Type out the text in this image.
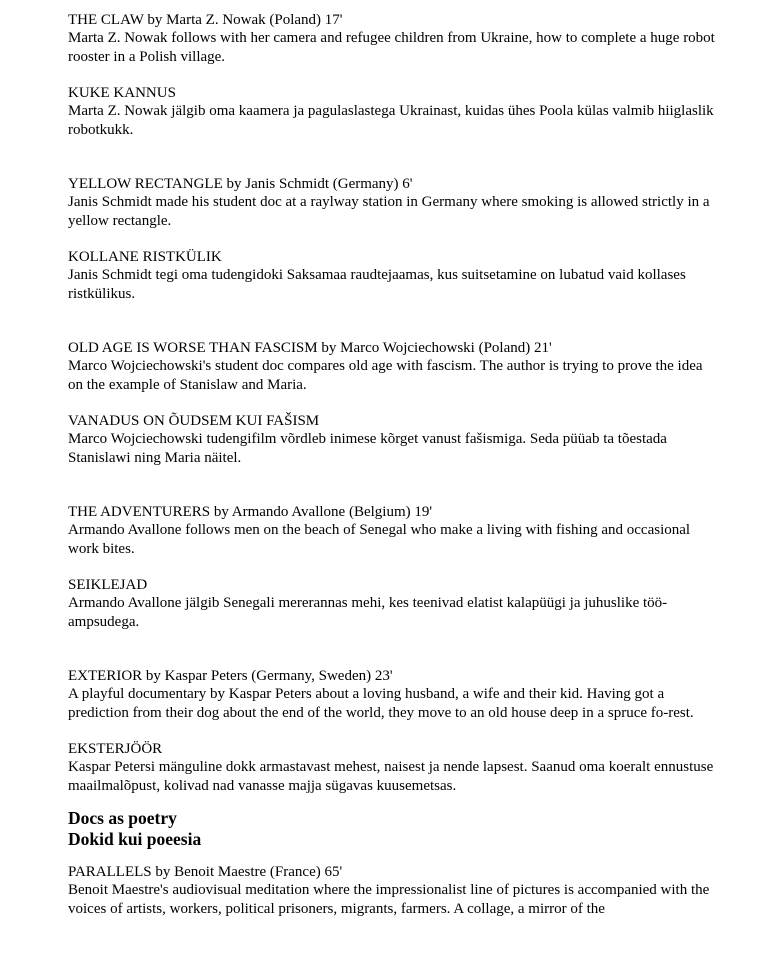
THE CLAW by Marta Z. Nowak (Poland) 17'

Marta Z. Nowak follows with her camera and refugee children from Ukraine, how to complete a huge robot rooster in a Polish village.

KUKE KANNUS

Marta Z. Nowak jälgib oma kaamera ja pagulaslastega Ukrainast, kuidas ühes Poola külas valmib hiiglaslik robotkukk.

YELLOW RECTANGLE by Janis Schmidt (Germany) 6'

Janis Schmidt made his student doc at a raylway station in Germany where smoking is allowed strictly in a yellow rectangle.

KOLLANE RISTKÜLIK

Janis Schmidt tegi oma tudengidoki Saksamaa raudtejaamas, kus suitsetamine on lubatud vaid kollases ristkülikus.

OLD AGE IS WORSE THAN FASCISM by Marco Wojciechowski (Poland) 21'

Marco Wojciechowski's student doc compares old age with fascism. The author is trying to prove the idea on the example of Stanislaw and Maria.

VANADUS ON ÕUDSEM KUI FAŠISM

Marco Wojciechowski tudengifilm võrdleb inimese kõrget vanust fašismiga. Seda püüab ta tõestada Stanislawi ning Maria näitel.

THE ADVENTURERS by Armando Avallone (Belgium) 19'

Armando Avallone follows men on the beach of Senegal who make a living with fishing and occasional work bites.

SEIKLEJAD

Armando Avallone jälgib Senegali mererannas mehi, kes teenivad elatist kalapüügi ja juhuslike töö-ampsudega.

EXTERIOR by Kaspar Peters (Germany, Sweden) 23'

A playful documentary by Kaspar Peters about a loving husband, a wife and their kid. Having got a prediction from their dog about the end of the world, they move to an old house deep in a spruce fo-rest.

EKSTERJÖÖR

Kaspar Petersi mänguline dokk armastavast mehest, naisest ja nende lapsest. Saanud oma koeralt ennustuse maailmalõpust, kolivad nad vanasse majja sügavas kuusemetsas.

Docs as poetry

Dokid kui poeesia

PARALLELS by Benoit Maestre (France) 65'

Benoit Maestre's audiovisual meditation where the impressionalist line of pictures is accompanied with the voices of artists, workers, political prisoners, migrants, farmers. A collage, a mirror of the
